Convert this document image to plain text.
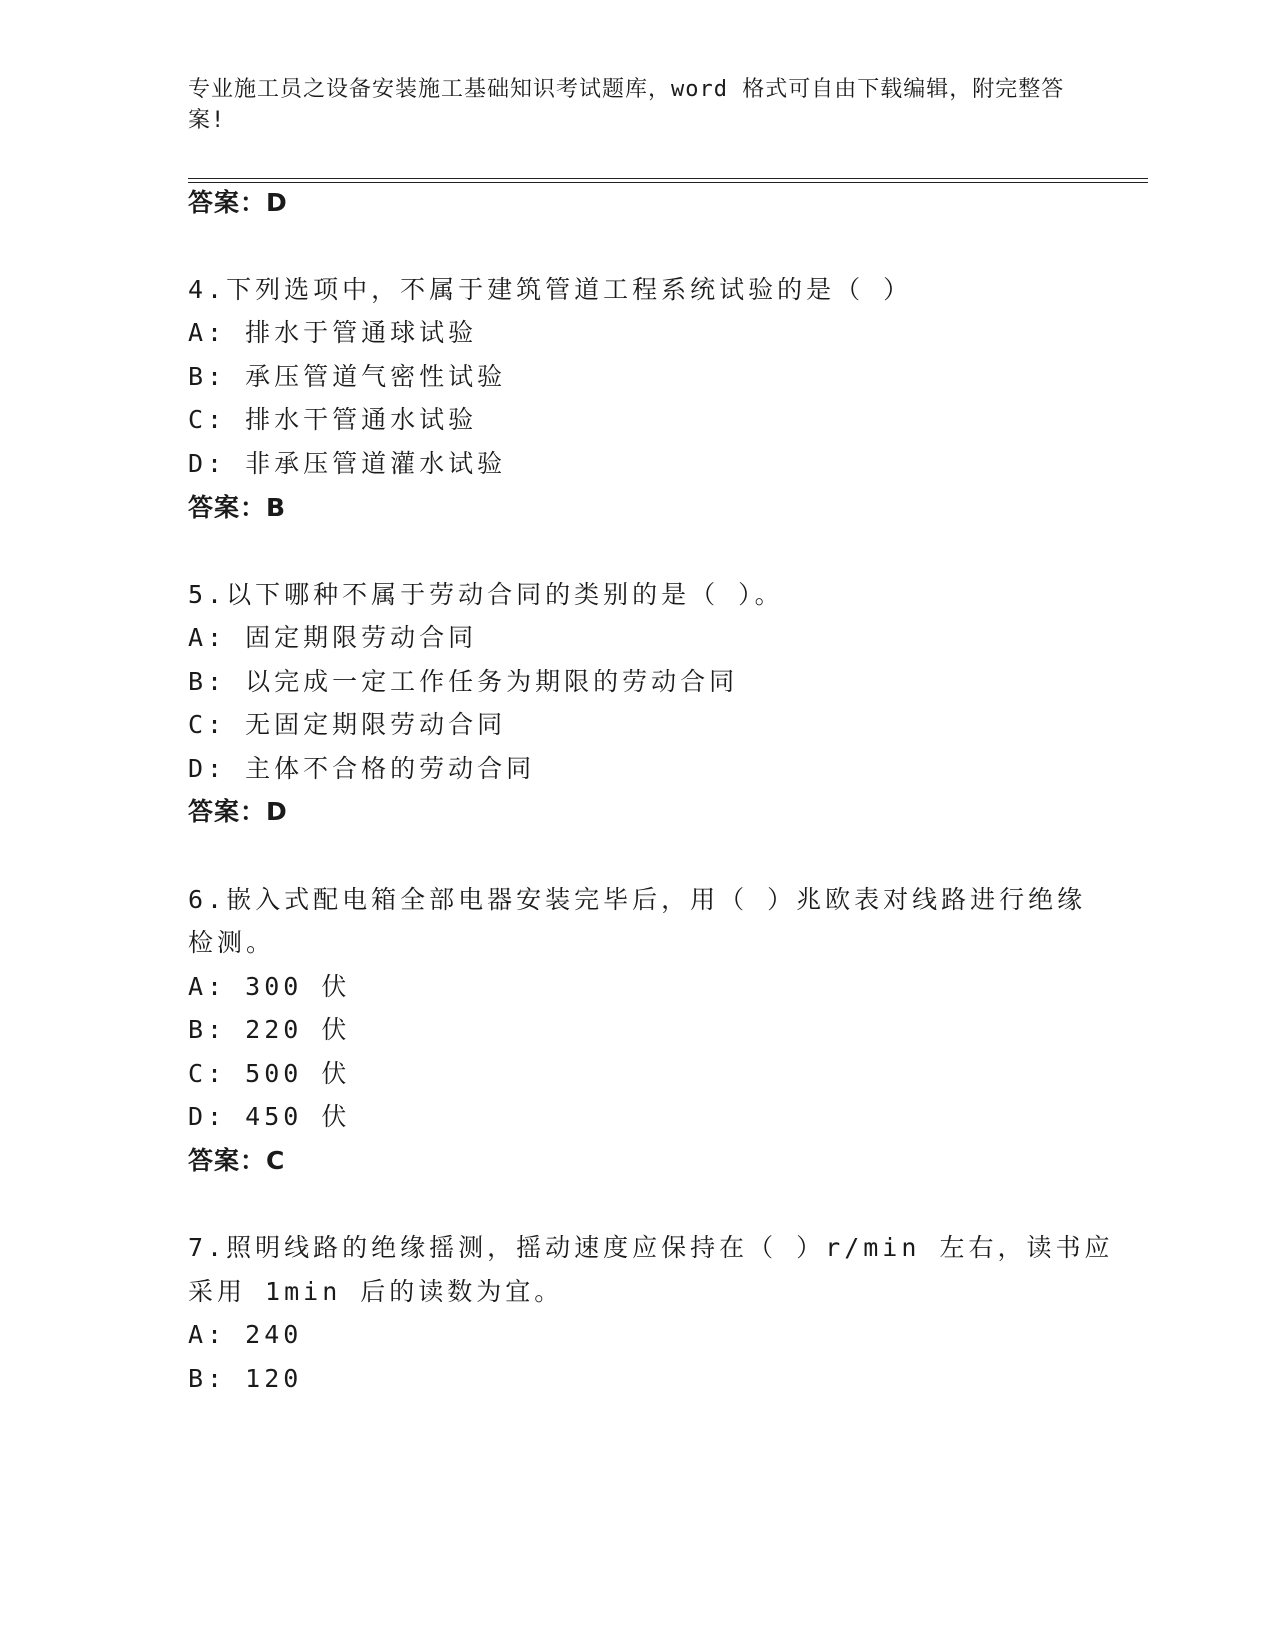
专业施工员之设备安装施工基础知识考试题库，word 格式可自由下载编辑，附完整答案!
答案：D
4.下列选项中，不属于建筑管道工程系统试验的是（ ）
A: 排水于管通球试验
B: 承压管道气密性试验
C: 排水干管通水试验
D: 非承压管道灌水试验
答案：B
5.以下哪种不属于劳动合同的类别的是（ ）。
A: 固定期限劳动合同
B: 以完成一定工作任务为期限的劳动合同
C: 无固定期限劳动合同
D: 主体不合格的劳动合同
答案：D
6.嵌入式配电箱全部电器安装完毕后，用（ ）兆欧表对线路进行绝缘
检测。
A: 300 伏
B: 220 伏
C: 500 伏
D: 450 伏
答案：C
7.照明线路的绝缘摇测，摇动速度应保持在（ ）r/min 左右，读书应
采用 1min 后的读数为宜。
A: 240
B: 120
